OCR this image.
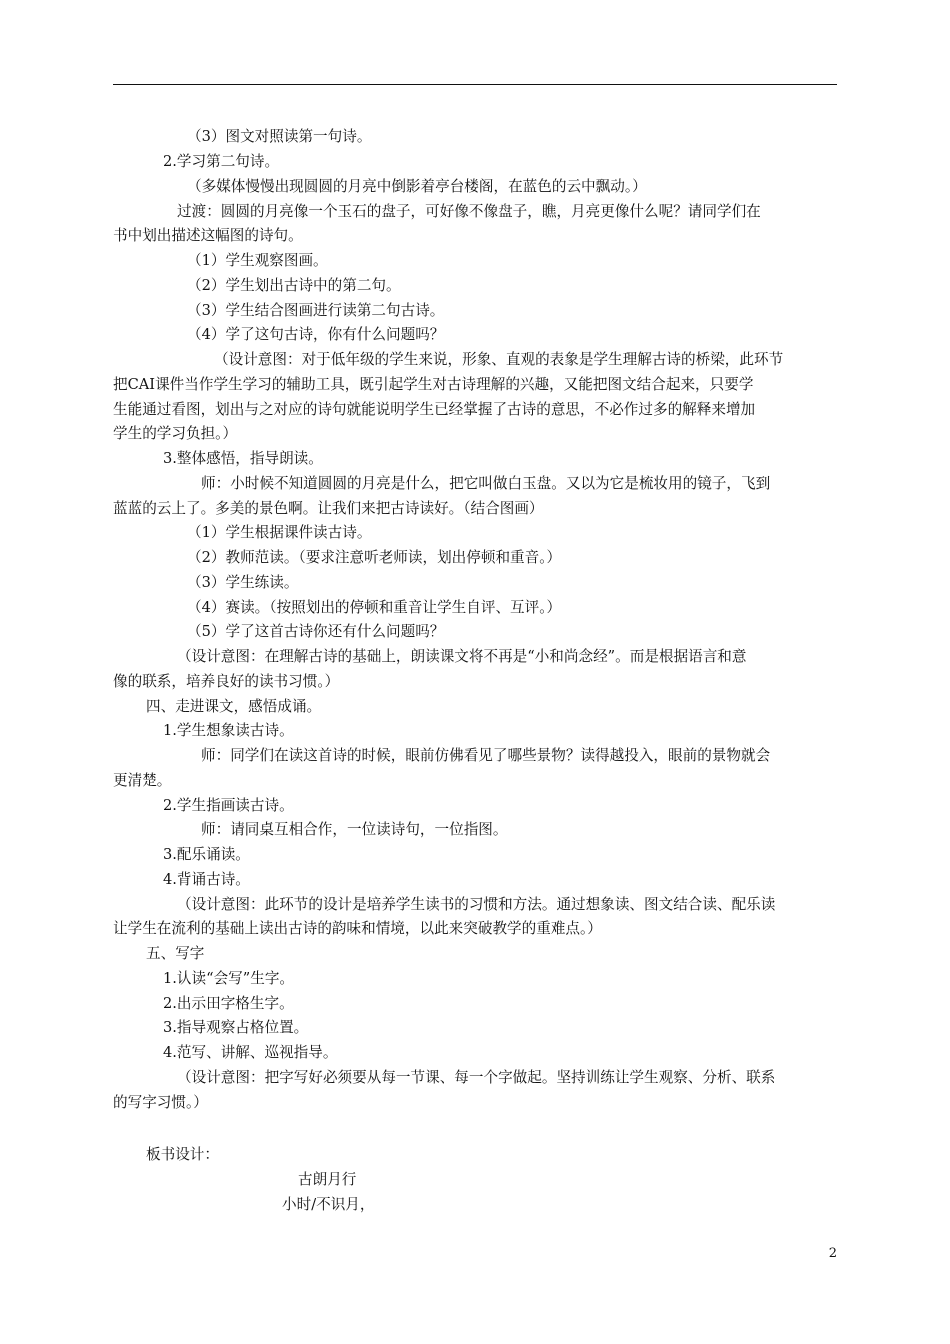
（3）图文对照读第一句诗。
2.学习第二句诗。
（多媒体慢慢出现圆圆的月亮中倒影着亭台楼阁，在蓝色的云中飘动。）
过渡：圆圆的月亮像一个玉石的盘子，可好像不像盘子，瞧，月亮更像什么呢？请同学们在
书中划出描述这幅图的诗句。
（1）学生观察图画。
（2）学生划出古诗中的第二句。
（3）学生结合图画进行读第二句古诗。
（4）学了这句古诗，你有什么问题吗？
（设计意图：对于低年级的学生来说，形象、直观的表象是学生理解古诗的桥梁，此环节
把CAI课件当作学生学习的辅助工具，既引起学生对古诗理解的兴趣，又能把图文结合起来，只要学
生能通过看图，划出与之对应的诗句就能说明学生已经掌握了古诗的意思，不必作过多的解释来增加
学生的学习负担。）
3.整体感悟，指导朗读。
师：小时候不知道圆圆的月亮是什么，把它叫做白玉盘。又以为它是梳妆用的镜子，飞到
蓝蓝的云上了。多美的景色啊。让我们来把古诗读好。（结合图画）
（1）学生根据课件读古诗。
（2）教师范读。（要求注意听老师读，划出停顿和重音。）
（3）学生练读。
（4）赛读。（按照划出的停顿和重音让学生自评、互评。）
（5）学了这首古诗你还有什么问题吗？
（设计意图：在理解古诗的基础上，朗读课文将不再是“小和尚念经”。而是根据语言和意
像的联系，培养良好的读书习惯。）
四、走进课文，感悟成诵。
1.学生想象读古诗。
师：同学们在读这首诗的时候，眼前仿佛看见了哪些景物？读得越投入，眼前的景物就会
更清楚。
2.学生指画读古诗。
师：请同桌互相合作，一位读诗句，一位指图。
3.配乐诵读。
4.背诵古诗。
（设计意图：此环节的设计是培养学生读书的习惯和方法。通过想象读、图文结合读、配乐读
让学生在流利的基础上读出古诗的韵味和情境，以此来突破教学的重难点。）
五、写字
1.认读“会写”生字。
2.出示田字格生字。
3.指导观察占格位置。
4.范写、讲解、巡视指导。
（设计意图：把字写好必须要从每一节课、每一个字做起。坚持训练让学生观察、分析、联系
的写字习惯。）
板书设计：
古朗月行
小时/不识月，
2
